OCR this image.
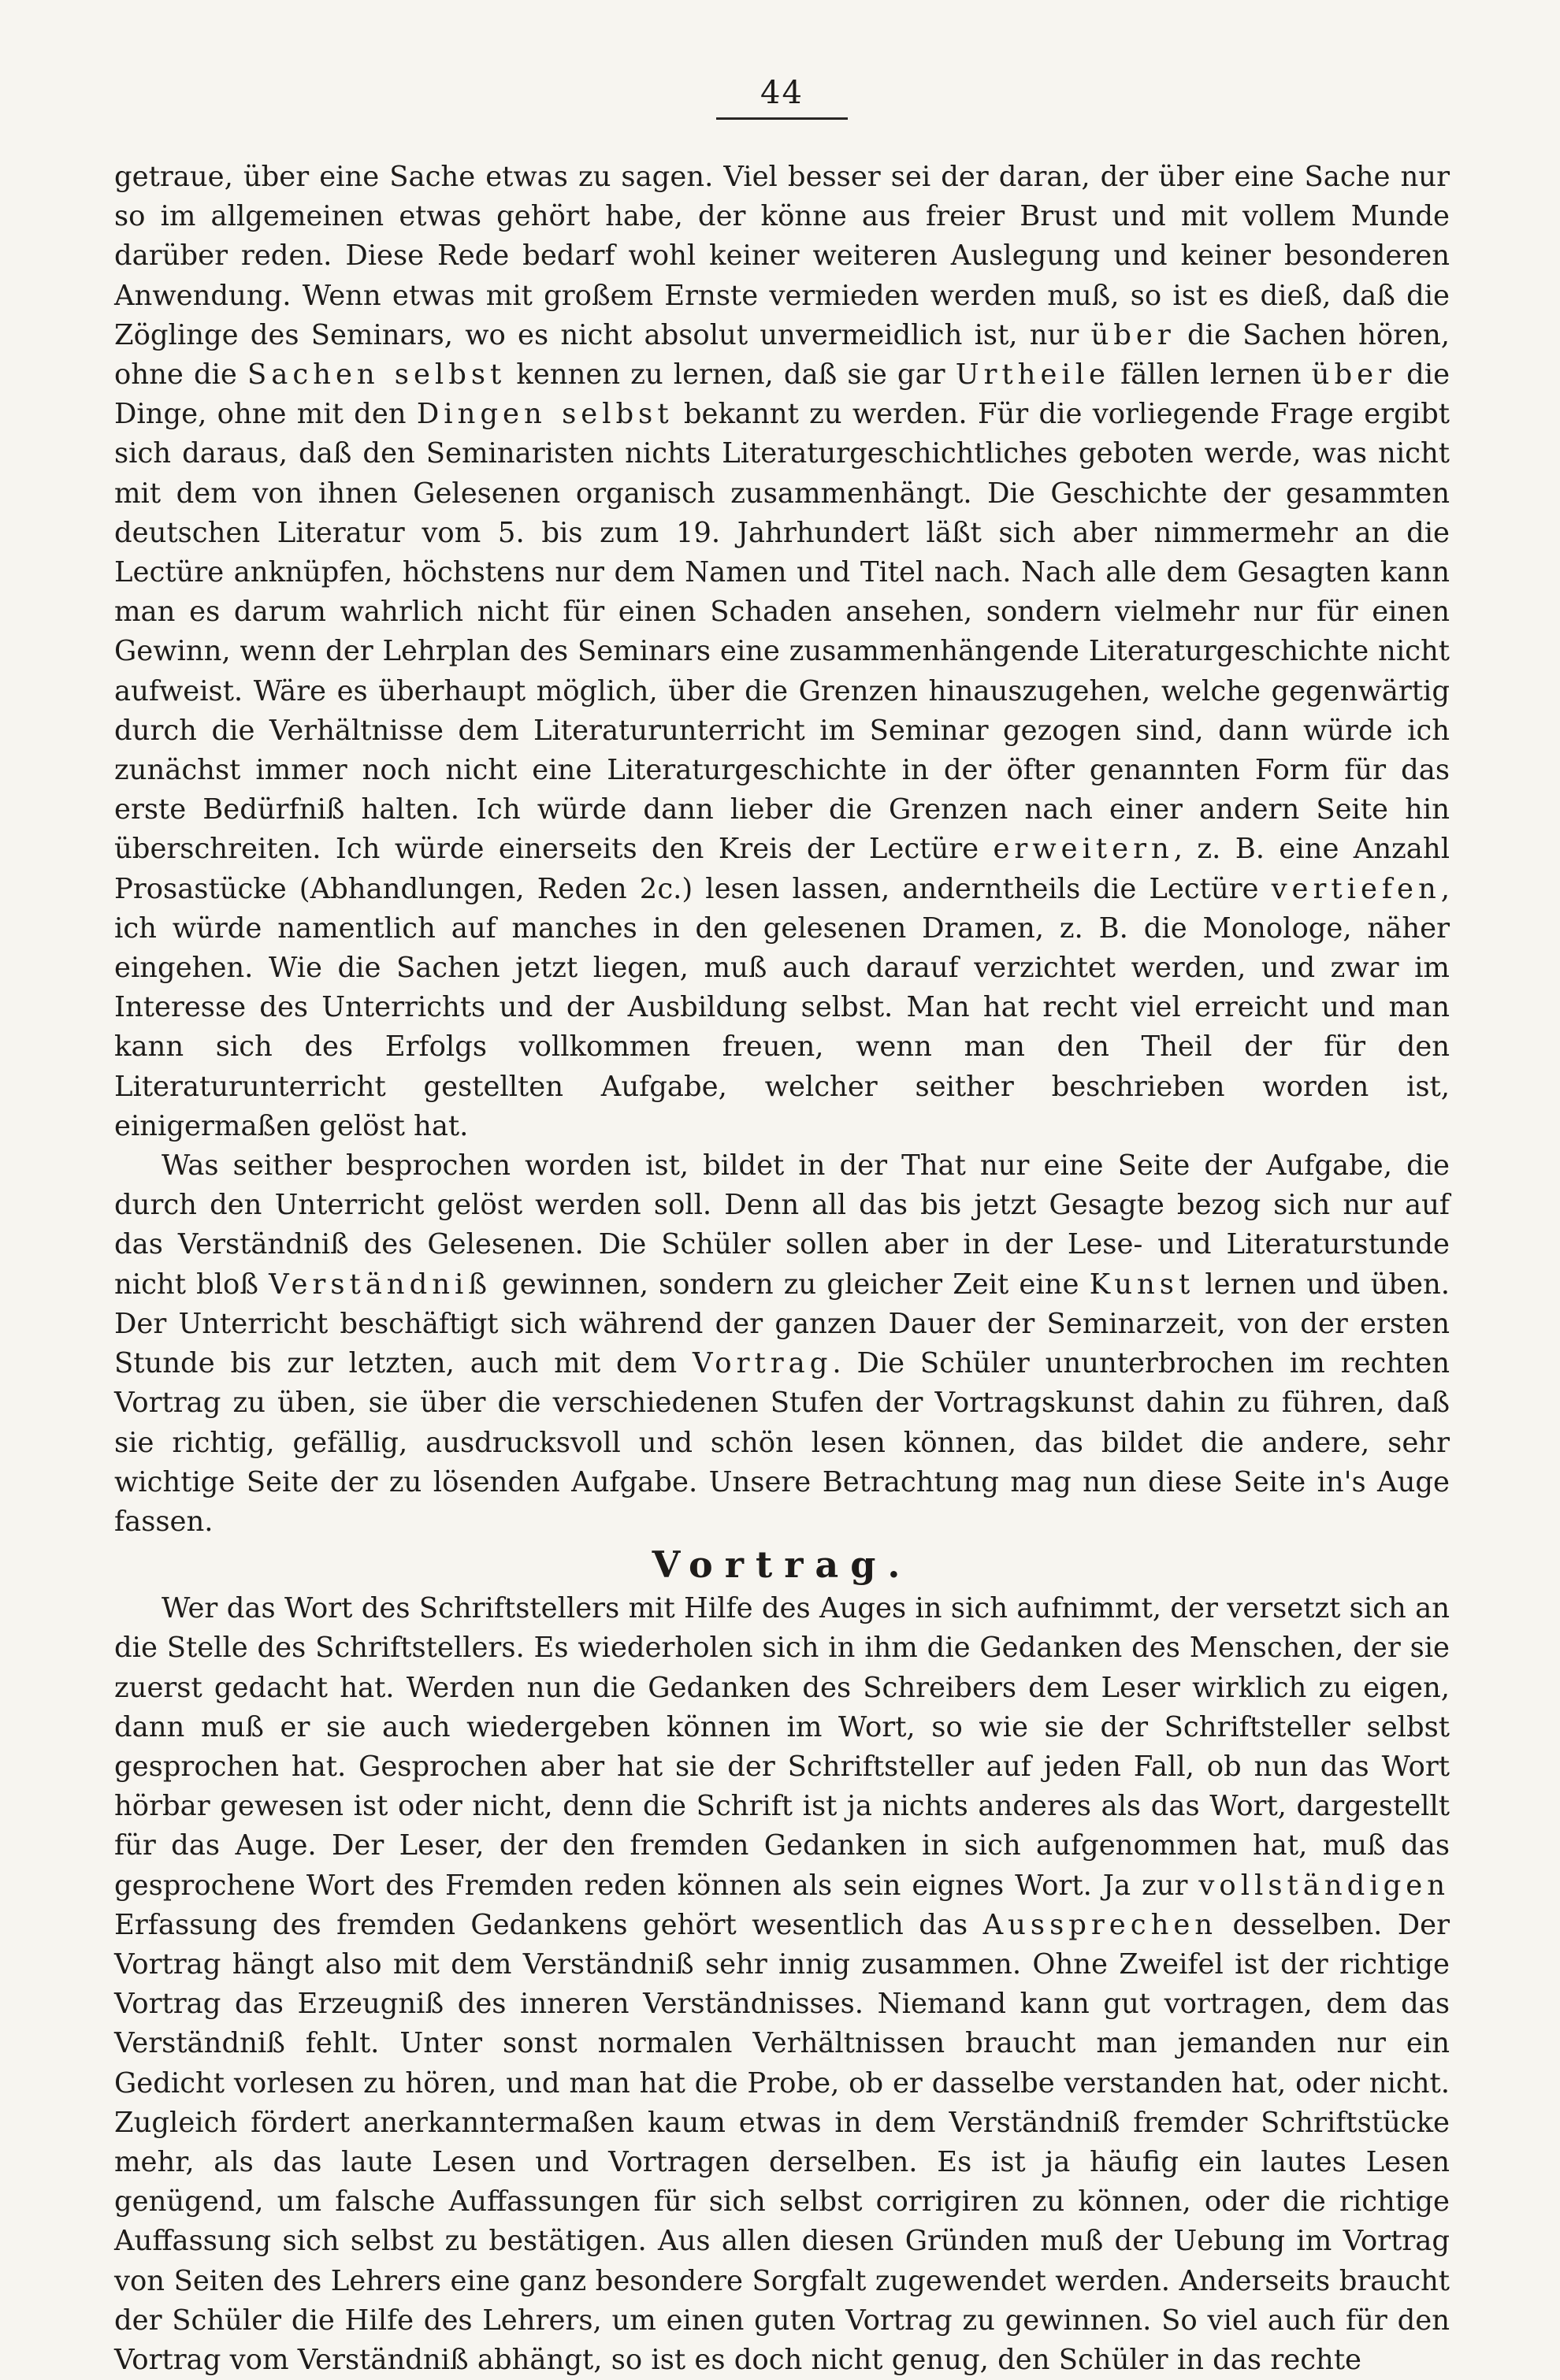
44

getraue, über eine Sache etwas zu sagen. Viel besser sei der daran, der über eine Sache nur so im allgemeinen etwas gehört habe, der könne aus freier Brust und mit vollem Munde darüber reden. Diese Rede bedarf wohl keiner weiteren Auslegung und keiner besonderen Anwendung. Wenn etwas mit großem Ernste vermieden werden muß, so ist es dieß, daß die Zöglinge des Seminars, wo es nicht absolut unvermeidlich ist, nur über die Sachen hören, ohne die Sachen selbst kennen zu lernen, daß sie gar Urtheile fällen lernen über die Dinge, ohne mit den Dingen selbst bekannt zu werden. Für die vorliegende Frage ergibt sich daraus, daß den Seminaristen nichts Literaturgeschichtliches geboten werde, was nicht mit dem von ihnen Gelesenen organisch zusammenhängt. Die Geschichte der gesammten deutschen Literatur vom 5. bis zum 19. Jahrhundert läßt sich aber nimmermehr an die Lectüre anknüpfen, höchstens nur dem Namen und Titel nach. Nach alle dem Gesagten kann man es darum wahrlich nicht für einen Schaden ansehen, sondern vielmehr nur für einen Gewinn, wenn der Lehrplan des Seminars eine zusammenhängende Literaturgeschichte nicht aufweist. Wäre es überhaupt möglich, über die Grenzen hinauszugehen, welche gegenwärtig durch die Verhältnisse dem Literaturunterricht im Seminar gezogen sind, dann würde ich zunächst immer noch nicht eine Literaturgeschichte in der öfter genannten Form für das erste Bedürfniß halten. Ich würde dann lieber die Grenzen nach einer andern Seite hin überschreiten. Ich würde einerseits den Kreis der Lectüre erweitern, z. B. eine Anzahl Prosastücke (Abhandlungen, Reden 2c.) lesen lassen, anderntheils die Lectüre vertiefen, ich würde namentlich auf manches in den gelesenen Dramen, z. B. die Monologe, näher eingehen. Wie die Sachen jetzt liegen, muß auch darauf verzichtet werden, und zwar im Interesse des Unterrichts und der Ausbildung selbst. Man hat recht viel erreicht und man kann sich des Erfolgs vollkommen freuen, wenn man den Theil der für den Literaturunterricht gestellten Aufgabe, welcher seither beschrieben worden ist, einigermaßen gelöst hat.

Was seither besprochen worden ist, bildet in der That nur eine Seite der Aufgabe, die durch den Unterricht gelöst werden soll. Denn all das bis jetzt Gesagte bezog sich nur auf das Verständniß des Gelesenen. Die Schüler sollen aber in der Lese- und Literaturstunde nicht bloß Verständniß gewinnen, sondern zu gleicher Zeit eine Kunst lernen und üben. Der Unterricht beschäftigt sich während der ganzen Dauer der Seminarzeit, von der ersten Stunde bis zur letzten, auch mit dem Vortrag. Die Schüler ununterbrochen im rechten Vortrag zu üben, sie über die verschiedenen Stufen der Vortragskunst dahin zu führen, daß sie richtig, gefällig, ausdrucksvoll und schön lesen können, das bildet die andere, sehr wichtige Seite der zu lösenden Aufgabe. Unsere Betrachtung mag nun diese Seite in's Auge fassen.

Vortrag.

Wer das Wort des Schriftstellers mit Hilfe des Auges in sich aufnimmt, der versetzt sich an die Stelle des Schriftstellers. Es wiederholen sich in ihm die Gedanken des Menschen, der sie zuerst gedacht hat. Werden nun die Gedanken des Schreibers dem Leser wirklich zu eigen, dann muß er sie auch wiedergeben können im Wort, so wie sie der Schriftsteller selbst gesprochen hat. Gesprochen aber hat sie der Schriftsteller auf jeden Fall, ob nun das Wort hörbar gewesen ist oder nicht, denn die Schrift ist ja nichts anderes als das Wort, dargestellt für das Auge. Der Leser, der den fremden Gedanken in sich aufgenommen hat, muß das gesprochene Wort des Fremden reden können als sein eignes Wort. Ja zur vollständigen Erfassung des fremden Gedankens gehört wesentlich das Aussprechen desselben. Der Vortrag hängt also mit dem Verständniß sehr innig zusammen. Ohne Zweifel ist der richtige Vortrag das Erzeugniß des inneren Verständnisses. Niemand kann gut vortragen, dem das Verständniß fehlt. Unter sonst normalen Verhältnissen braucht man jemanden nur ein Gedicht vorlesen zu hören, und man hat die Probe, ob er dasselbe verstanden hat, oder nicht. Zugleich fördert anerkanntermaßen kaum etwas in dem Verständniß fremder Schriftstücke mehr, als das laute Lesen und Vortragen derselben. Es ist ja häufig ein lautes Lesen genügend, um falsche Auffassungen für sich selbst corrigiren zu können, oder die richtige Auffassung sich selbst zu bestätigen. Aus allen diesen Gründen muß der Uebung im Vortrag von Seiten des Lehrers eine ganz besondere Sorgfalt zugewendet werden. Anderseits braucht der Schüler die Hilfe des Lehrers, um einen guten Vortrag zu gewinnen. So viel auch für den Vortrag vom Verständniß abhängt, so ist es doch nicht genug, den Schüler in das rechte
